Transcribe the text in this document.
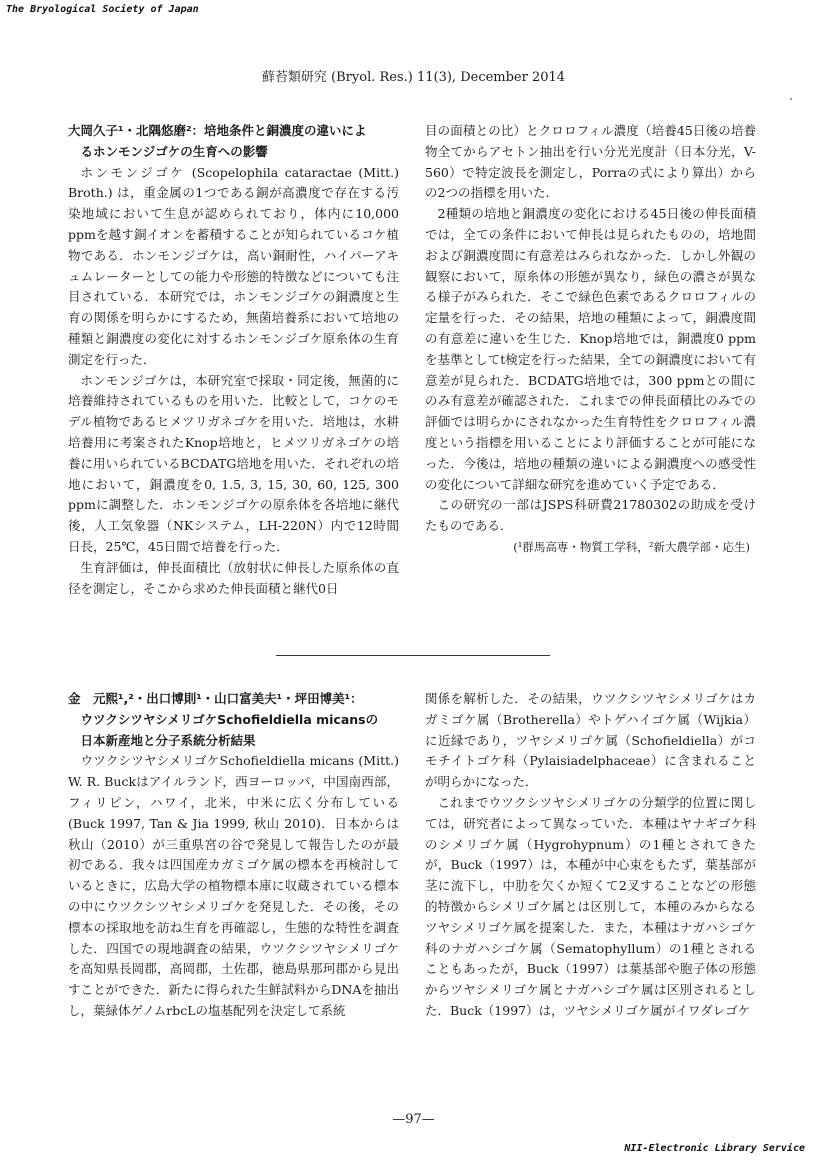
The Bryological Society of Japan
蘚苔類研究 (Bryol. Res.) 11(3), December 2014

大岡久子¹・北隅悠磨²：培地条件と銅濃度の違いによ

るホンモンジゴケの生育への影響

ホンモンジゴケ (Scopelophila cataractae (Mitt.) Broth.) は，重金属の1つである銅が高濃度で存在する汚染地域において生息が認められており，体内に10,000 ppmを越す銅イオンを蓄積することが知られているコケ植物である．ホンモンジゴケは，高い銅耐性，ハイパーアキュムレーターとしての能力や形態的特徴などについても注目されている．本研究では，ホンモンジゴケの銅濃度と生育の関係を明らかにするため，無菌培養系において培地の種類と銅濃度の変化に対するホンモンジゴケ原糸体の生育測定を行った．

ホンモンジゴケは，本研究室で採取・同定後，無菌的に培養維持されているものを用いた．比較として，コケのモデル植物であるヒメツリガネゴケを用いた．培地は，水耕培養用に考案されたKnop培地と，ヒメツリガネゴケの培養に用いられているBCDATG培地を用いた．それぞれの培地において，銅濃度を0, 1.5, 3, 15, 30, 60, 125, 300 ppmに調整した．ホンモンジゴケの原糸体を各培地に継代後，人工気象器（NKシステム，LH-220N）内で12時間日長，25℃，45日間で培養を行った．

生育評価は，伸長面積比（放射状に伸長した原糸体の直径を測定し，そこから求めた伸長面積と継代0日

目の面積との比）とクロロフィル濃度（培養45日後の培養物全てからアセトン抽出を行い分光光度計（日本分光，V-560）で特定波長を測定し，Porraの式により算出）からの2つの指標を用いた．

2種類の培地と銅濃度の変化における45日後の伸長面積では，全ての条件において伸長は見られたものの，培地間および銅濃度間に有意差はみられなかった．しかし外観の観察において，原糸体の形態が異なり，緑色の濃さが異なる様子がみられた．そこで緑色色素であるクロロフィルの定量を行った．その結果，培地の種類によって，銅濃度間の有意差に違いを生じた．Knop培地では，銅濃度0 ppmを基準としてt検定を行った結果，全ての銅濃度において有意差が見られた．BCDATG培地では，300 ppmとの間にのみ有意差が確認された．これまでの伸長面積比のみでの評価では明らかにされなかった生育特性をクロロフィル濃度という指標を用いることにより評価することが可能になった．今後は，培地の種類の違いによる銅濃度への感受性の変化について詳細な研究を進めていく予定である．

この研究の一部はJSPS科研費21780302の助成を受けたものである．

(¹群馬高専・物質工学科，²新大農学部・応生)

金　元熙¹,²・出口博則¹・山口富美夫¹・坪田博美¹：

ウツクシツヤシメリゴケSchofieldiella micansの

日本新産地と分子系統分析結果

ウツクシツヤシメリゴケSchofieldiella micans (Mitt.) W. R. Buckはアイルランド，西ヨーロッパ，中国南西部，フィリピン，ハワイ，北米，中米に広く分布している (Buck 1997, Tan & Jia 1999, 秋山 2010)．日本からは秋山（2010）が三重県宮の谷で発見して報告したのが最初である．我々は四国産カガミゴケ属の標本を再検討しているときに，広島大学の植物標本庫に収蔵されている標本の中にウツクシツヤシメリゴケを発見した．その後，その標本の採取地を訪ね生育を再確認し，生態的な特性を調査した．四国での現地調査の結果，ウツクシツヤシメリゴケを高知県長岡郡，高岡郡，土佐郡，徳島県那珂郡から見出すことができた．新たに得られた生鮮試料からDNAを抽出し，葉緑体ゲノムrbcLの塩基配列を決定して系統

関係を解析した．その結果，ウツクシツヤシメリゴケはカガミゴケ属（Brotherella）やトゲハイゴケ属（Wijkia）に近縁であり，ツヤシメリゴケ属（Schofieldiella）がコモチイトゴケ科（Pylaisiadelphaceae）に含まれることが明らかになった．

これまでウツクシツヤシメリゴケの分類学的位置に関しては，研究者によって異なっていた．本種はヤナギゴケ科のシメリゴケ属（Hygrohypnum）の1種とされてきたが，Buck（1997）は，本種が中心束をもたず，葉基部が茎に流下し，中肋を欠くか短くて2叉することなどの形態的特徴からシメリゴケ属とは区別して，本種のみからなるツヤシメリゴケ属を提案した．また，本種はナガハシゴケ科のナガハシゴケ属（Sematophyllum）の1種とされることもあったが，Buck（1997）は葉基部や胞子体の形態からツヤシメリゴケ属とナガハシゴケ属は区別されるとした．Buck（1997）は，ツヤシメリゴケ属がイワダレゴケ

—97—
NII-Electronic Library Service
